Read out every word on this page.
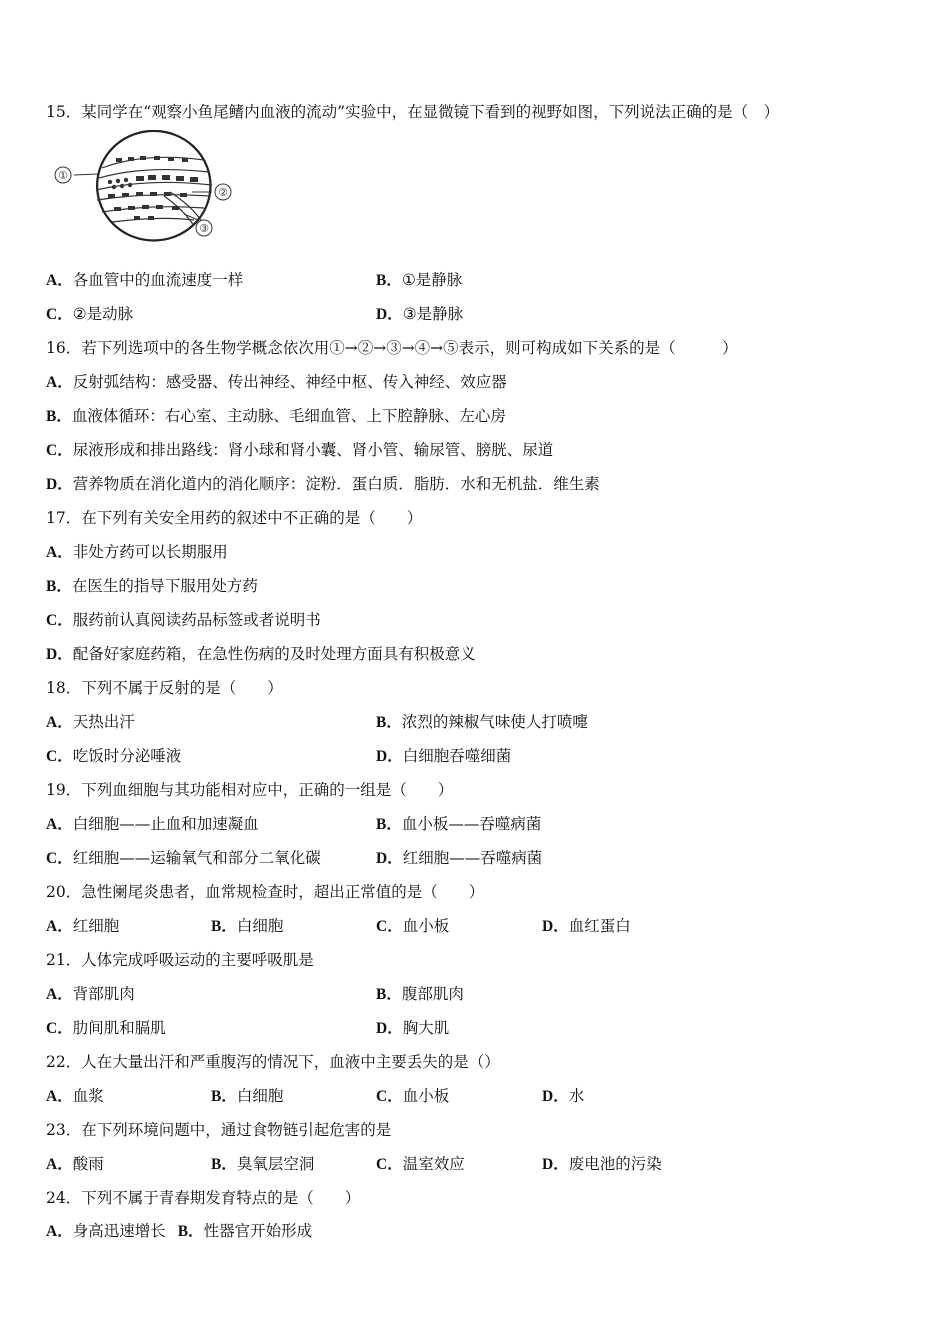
15．某同学在“观察小鱼尾鳍内血液的流动”实验中，在显微镜下看到的视野如图，下列说法正确的是（　）
①
②
③
A．各血管中的血流速度一样	B．①是静脉
C．②是动脉	D．③是静脉
16．若下列选项中的各生物学概念依次用①→②→③→④→⑤表示，则可构成如下关系的是（　　　）
A．反射弧结构：感受器、传出神经、神经中枢、传入神经、效应器
B．血液体循环：右心室、主动脉、毛细血管、上下腔静脉、左心房
C．尿液形成和排出路线：肾小球和肾小囊、肾小管、输尿管、膀胱、尿道
D．营养物质在消化道内的消化顺序：淀粉．蛋白质．脂肪．水和无机盐．维生素
17．在下列有关安全用药的叙述中不正确的是（　　）
A．非处方药可以长期服用
B．在医生的指导下服用处方药
C．服药前认真阅读药品标签或者说明书
D．配备好家庭药箱，在急性伤病的及时处理方面具有积极意义
18．下列不属于反射的是（　　）
A．天热出汗	B．浓烈的辣椒气味使人打喷嚏
C．吃饭时分泌唾液	D．白细胞吞噬细菌
19．下列血细胞与其功能相对应中，正确的一组是（　　）
A．白细胞——止血和加速凝血	B．血小板——吞噬病菌
C．红细胞——运输氧气和部分二氧化碳	D．红细胞——吞噬病菌
20．急性阑尾炎患者，血常规检查时，超出正常值的是（　　）
A．红细胞	B．白细胞	C．血小板	D．血红蛋白
21．人体完成呼吸运动的主要呼吸肌是
A．背部肌肉	B．腹部肌肉
C．肋间肌和膈肌	D．胸大肌
22．人在大量出汗和严重腹泻的情况下，血液中主要丢失的是（）
A．血浆	B．白细胞	C．血小板	D．水
23．在下列环境问题中，通过食物链引起危害的是
A．酸雨	B．臭氧层空洞	C．温室效应	D．废电池的污染
24．下列不属于青春期发育特点的是（　　）
A．身高迅速增长 B．性器官开始形成
